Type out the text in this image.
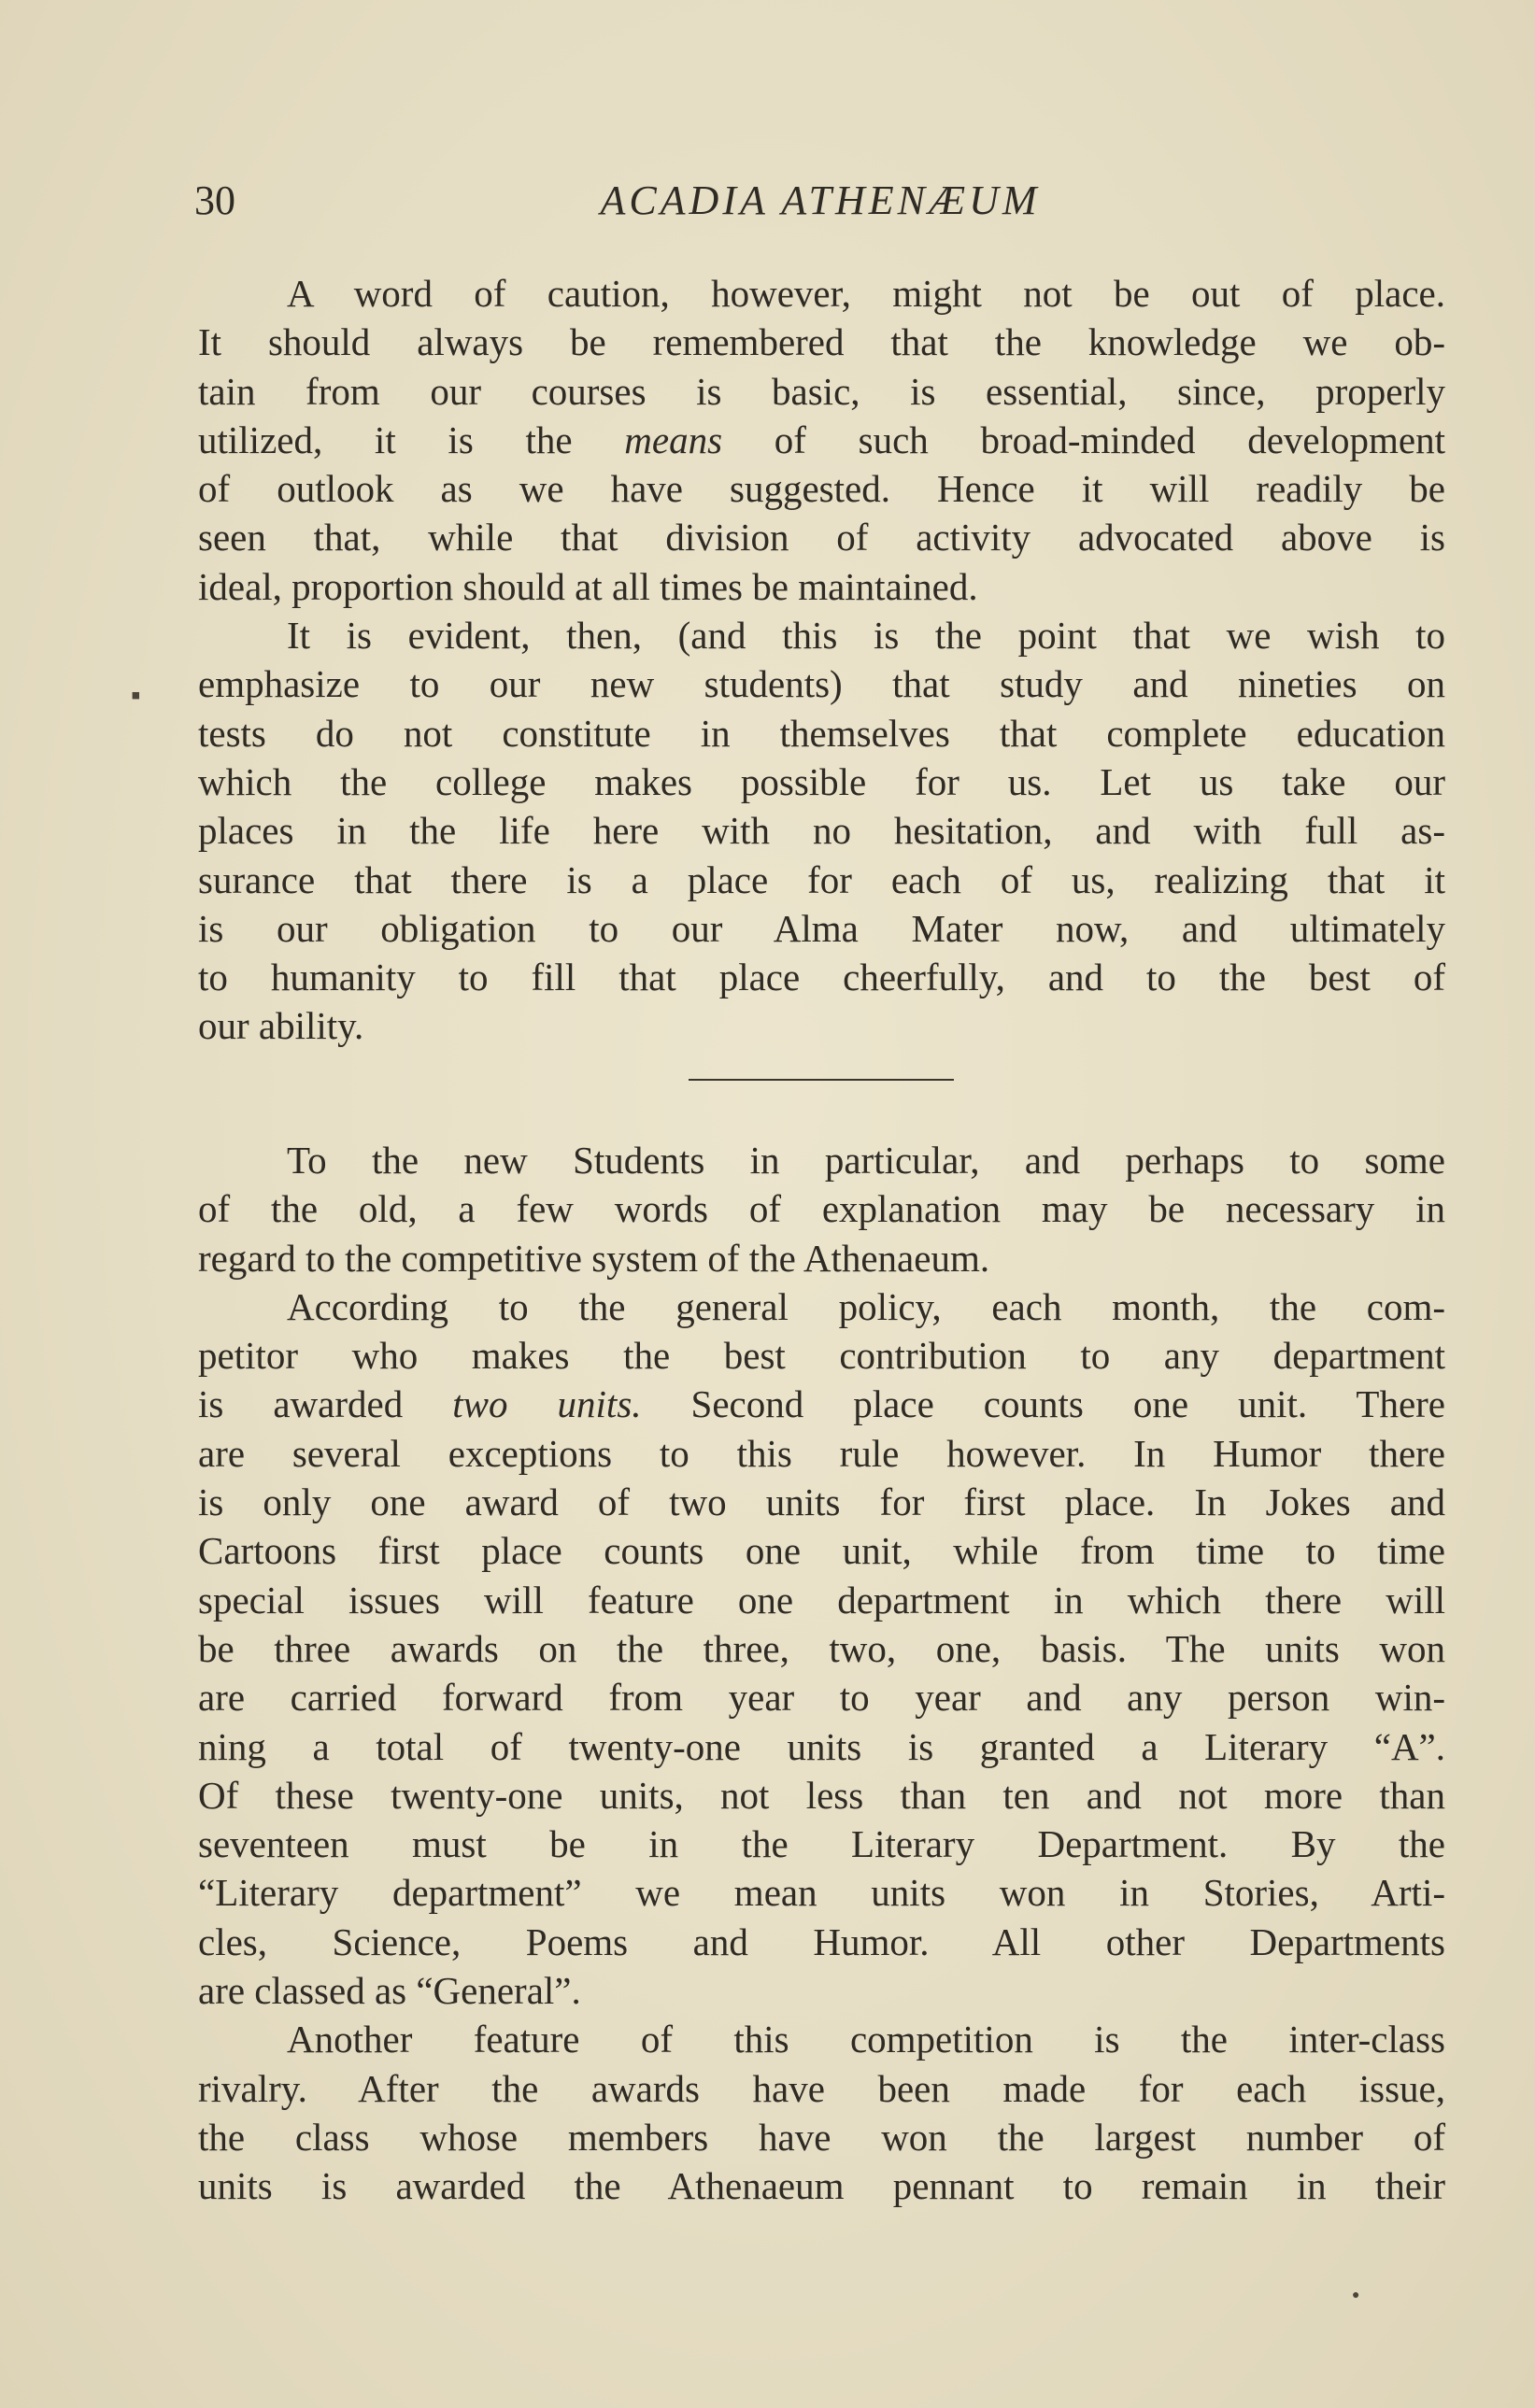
30	ACADIA ATHENÆUM
A word of caution, however, might not be out of place.
It should always be remembered that the knowledge we ob-
tain from our courses is basic, is essential, since, properly
utilized, it is the means of such broad-minded development
of outlook as we have suggested. Hence it will readily be
seen that, while that division of activity advocated above is
ideal, proportion should at all times be maintained.
It is evident, then, (and this is the point that we wish to
emphasize to our new students) that study and nineties on
tests do not constitute in themselves that complete education
which the college makes possible for us. Let us take our
places in the life here with no hesitation, and with full as-
surance that there is a place for each of us, realizing that it
is our obligation to our Alma Mater now, and ultimately
to humanity to fill that place cheerfully, and to the best of
our ability.
To the new Students in particular, and perhaps to some
of the old, a few words of explanation may be necessary in
regard to the competitive system of the Athenaeum.
According to the general policy, each month, the com-
petitor who makes the best contribution to any department
is awarded two units. Second place counts one unit. There
are several exceptions to this rule however. In Humor there
is only one award of two units for first place. In Jokes and
Cartoons first place counts one unit, while from time to time
special issues will feature one department in which there will
be three awards on the three, two, one, basis. The units won
are carried forward from year to year and any person win-
ning a total of twenty-one units is granted a Literary “A”.
Of these twenty-one units, not less than ten and not more than
seventeen must be in the Literary Department. By the
“Literary department” we mean units won in Stories, Arti-
cles, Science, Poems and Humor. All other Departments
are classed as “General”.
Another feature of this competition is the inter-class
rivalry. After the awards have been made for each issue,
the class whose members have won the largest number of
units is awarded the Athenaeum pennant to remain in their
▪
●
